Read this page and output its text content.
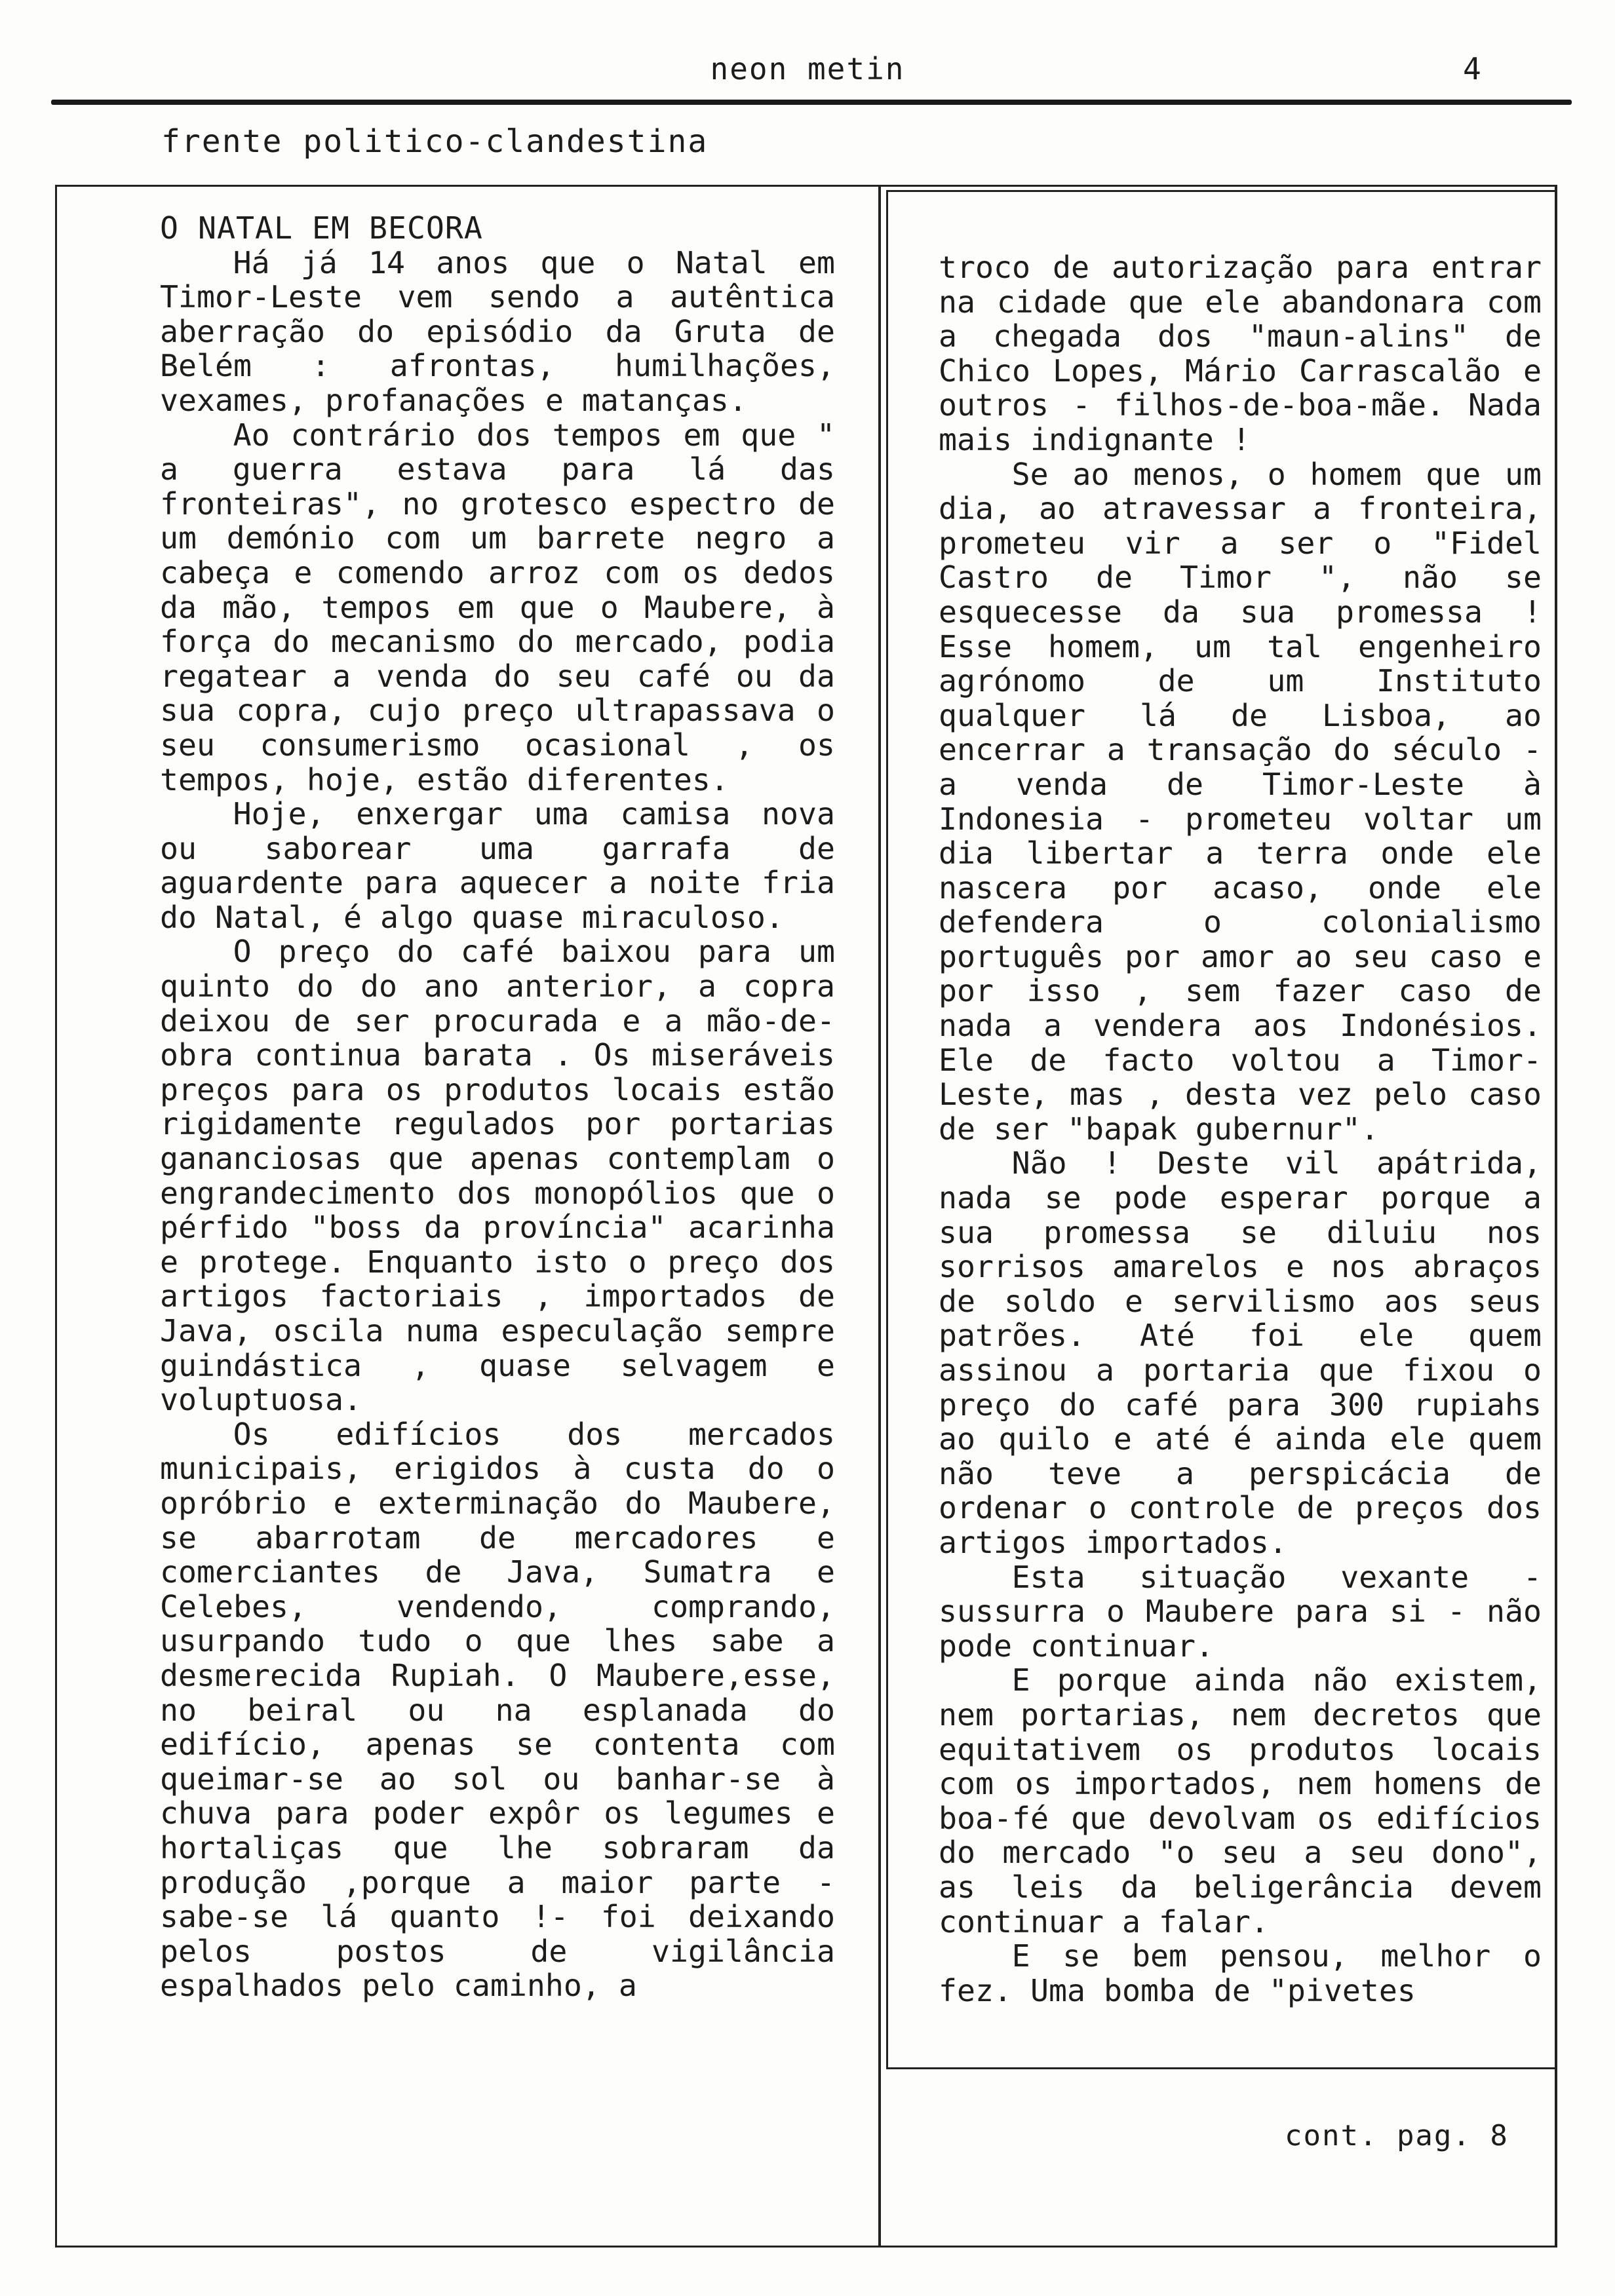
neon metin	4
frente politico-clandestina
O NATAL EM BECORA

Há já 14 anos que o Natal em Timor-Leste vem sendo a autêntica aberração do episódio da Gruta de Belém : afrontas, humilhações, vexames, profanações e matanças.

Ao contrário dos tempos em que " a guerra estava para lá das fronteiras", no grotesco espectro de um demónio com um barrete negro a cabeça e comendo arroz com os dedos da mão, tempos em que o Maubere, à força do mecanismo do mercado, podia regatear a venda do seu café ou da sua copra, cujo preço ultrapassava o seu consumerismo ocasional , os tempos, hoje, estão diferentes.

Hoje, enxergar uma camisa nova ou saborear uma garrafa de aguardente para aquecer a noite fria do Natal, é algo quase miraculoso.

O preço do café baixou para um quinto do do ano anterior, a copra deixou de ser procurada e a mão-de-obra continua barata . Os miseráveis preços para os produtos locais estão rigidamente regulados por portarias gananciosas que apenas contemplam o engrandecimento dos monopólios que o pérfido "boss da província" acarinha e protege. Enquanto isto o preço dos artigos factoriais , importados de Java, oscila numa especulação sempre guindástica , quase selvagem e voluptuosa.

Os edifícios dos mercados municipais, erigidos à custa do o opróbrio e exterminação do Maubere, se abarrotam de mercadores e comerciantes de Java, Sumatra e Celebes, vendendo, comprando, usurpando tudo o que lhes sabe a desmerecida Rupiah. O Maubere,esse, no beiral ou na esplanada do edifício, apenas se contenta com queimar-se ao sol ou banhar-se à chuva para poder expôr os legumes e hortaliças que lhe sobraram da produção ,porque a maior parte - sabe-se lá quanto !- foi deixando pelos postos de vigilância espalhados pelo caminho, a

troco de autorização para entrar na cidade que ele abandonara com a chegada dos "maun-alins" de Chico Lopes, Mário Carrascalão e outros - filhos-de-boa-mãe. Nada mais indignante !

Se ao menos, o homem que um dia, ao atravessar a fronteira, prometeu vir a ser o "Fidel Castro de Timor ", não se esquecesse da sua promessa ! Esse homem, um tal engenheiro agrónomo de um Instituto qualquer lá de Lisboa, ao encerrar a transação do século - a venda de Timor-Leste à Indonesia - prometeu voltar um dia libertar a terra onde ele nascera por acaso, onde ele defendera o colonialismo português por amor ao seu caso e por isso , sem fazer caso de nada a vendera aos Indonésios. Ele de facto voltou a Timor-Leste, mas , desta vez pelo caso de ser "bapak gubernur".

Não ! Deste vil apátrida, nada se pode esperar porque a sua promessa se diluiu nos sorrisos amarelos e nos abraços de soldo e servilismo aos seus patrões. Até foi ele quem assinou a portaria que fixou o preço do café para 300 rupiahs ao quilo e até é ainda ele quem não teve a perspicácia de ordenar o controle de preços dos artigos importados.

Esta situação vexante - sussurra o Maubere para si - não pode continuar.

E porque ainda não existem, nem portarias, nem decretos que equitativem os produtos locais com os importados, nem homens de boa-fé que devolvam os edifícios do mercado "o seu a seu dono", as leis da beligerância devem continuar a falar.

E se bem pensou, melhor o fez. Uma bomba de "pivetes

cont. pag. 8
